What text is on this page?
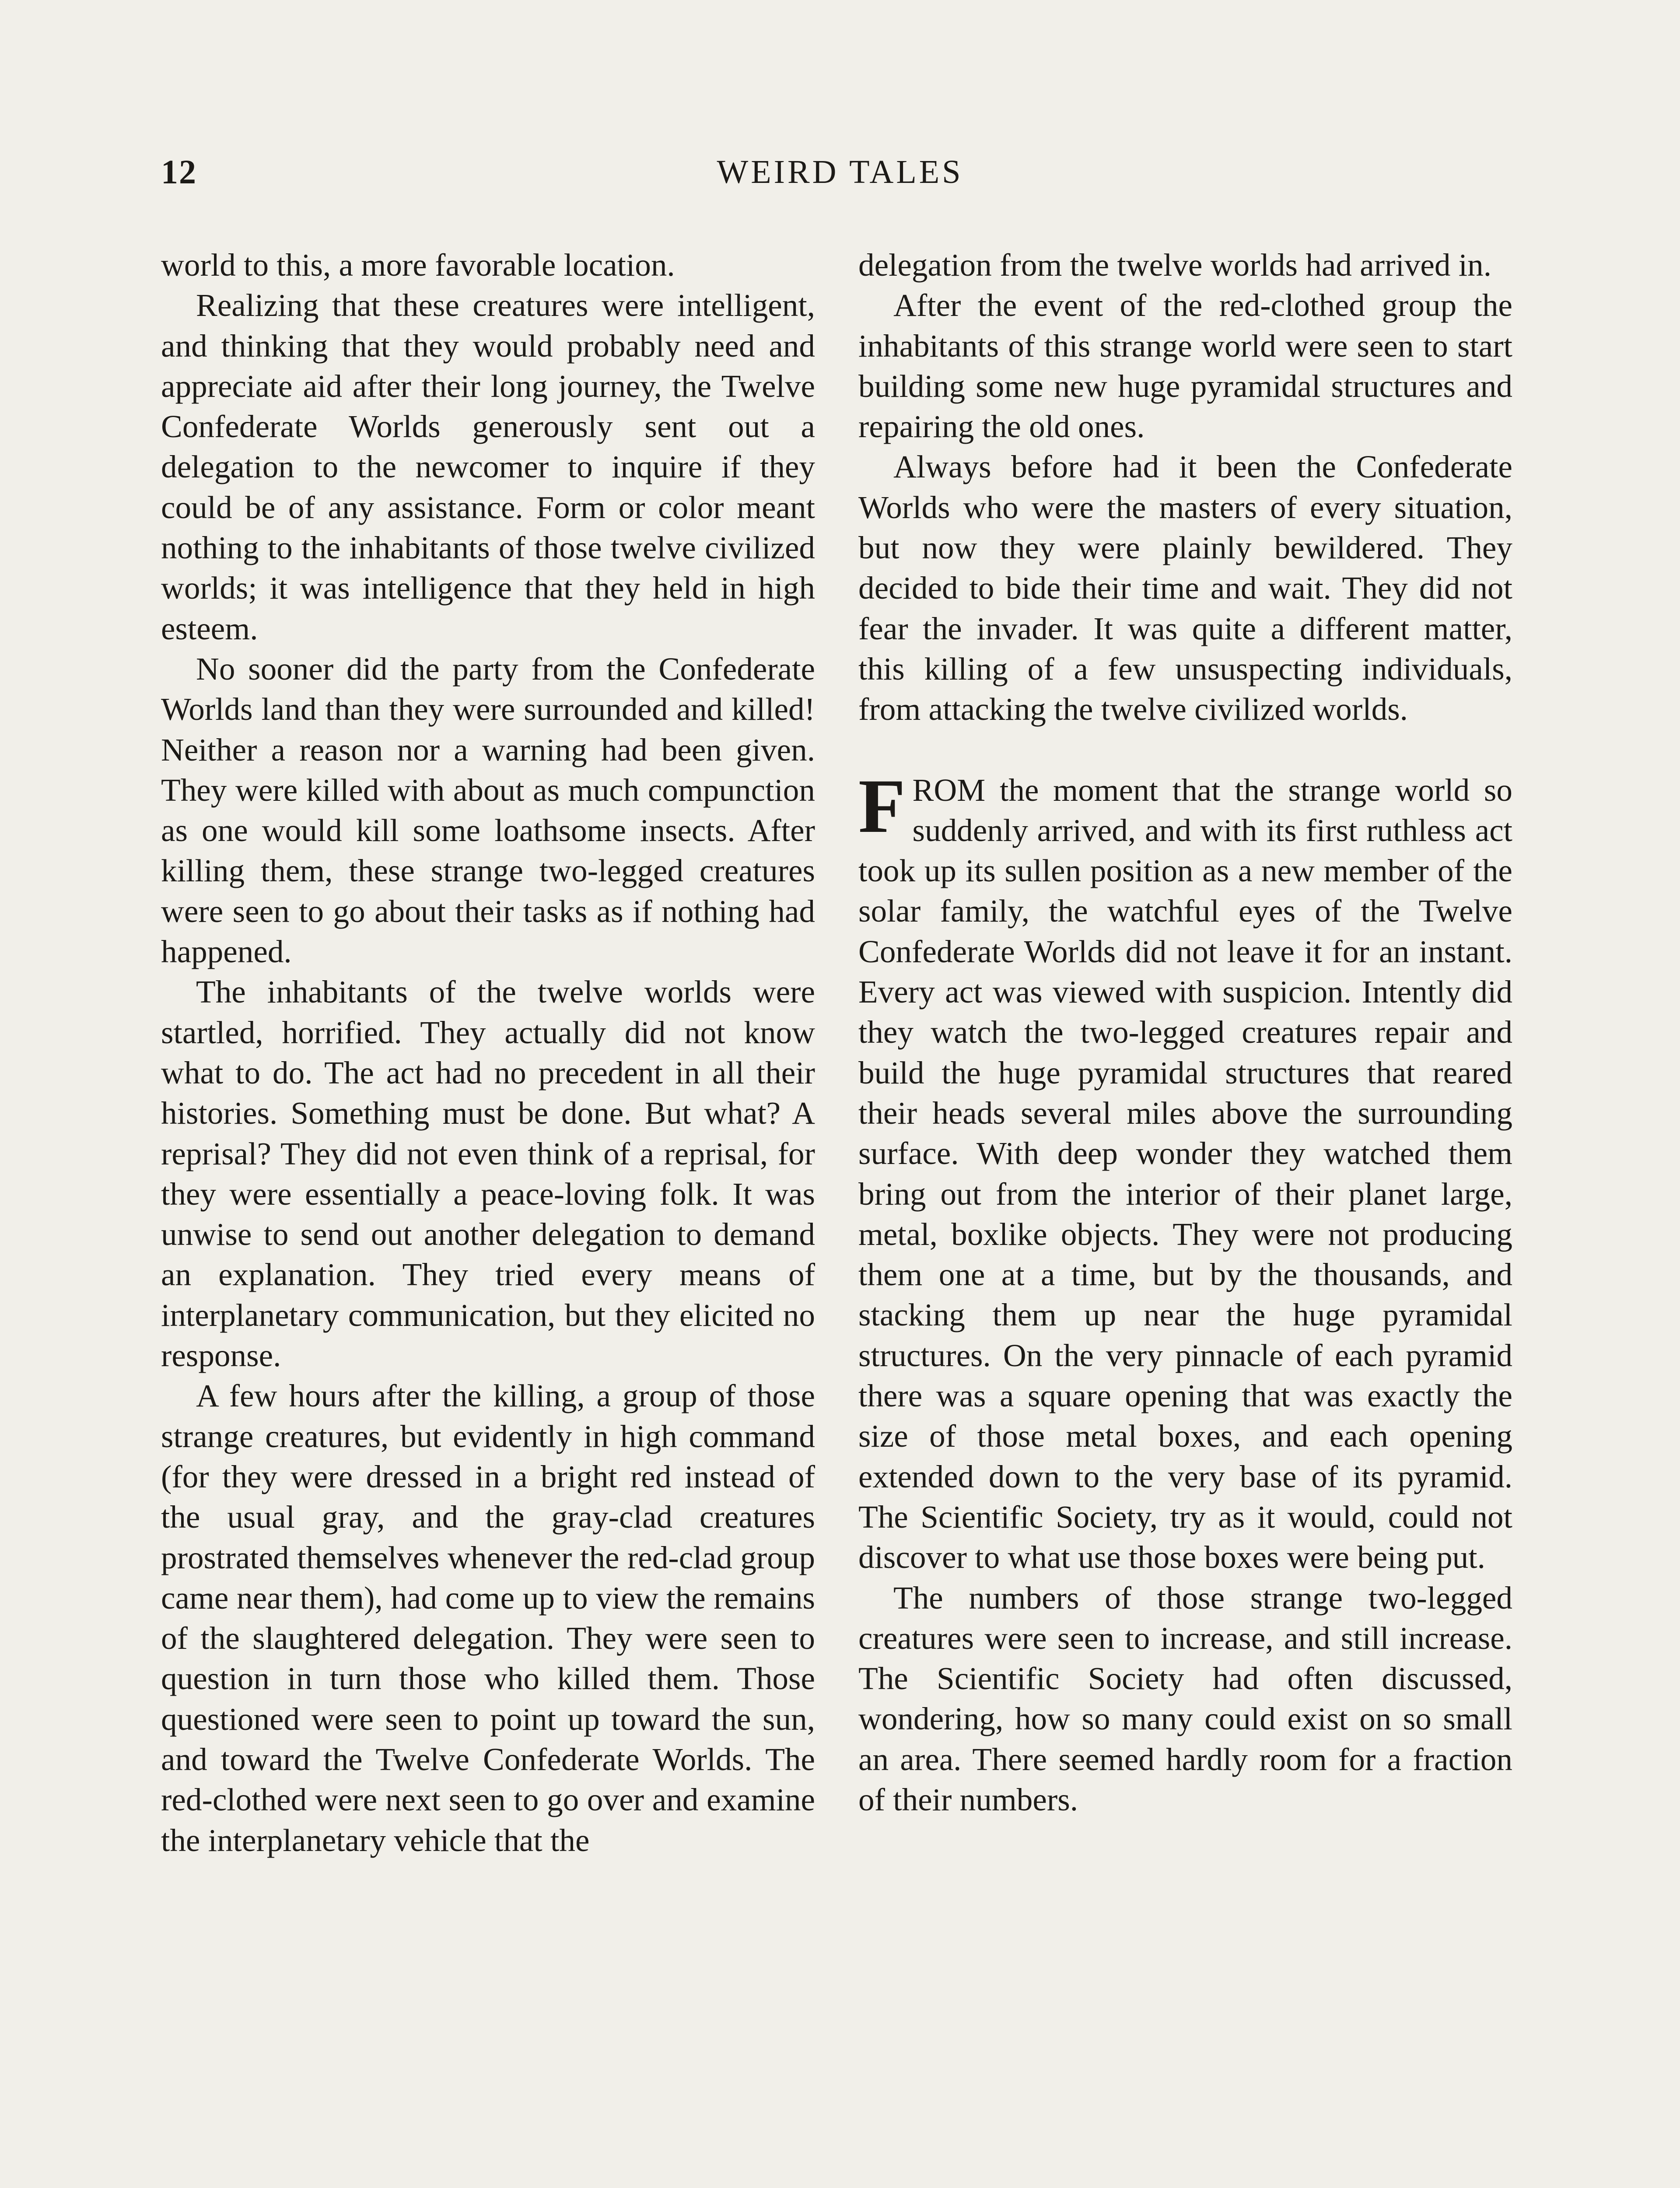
12	WEIRD TALES

world to this, a more favorable location.

Realizing that these creatures were intelligent, and thinking that they would probably need and appreciate aid after their long journey, the Twelve Confederate Worlds generously sent out a delegation to the newcomer to inquire if they could be of any assistance. Form or color meant nothing to the inhabitants of those twelve civilized worlds; it was intelligence that they held in high esteem.

No sooner did the party from the Confederate Worlds land than they were surrounded and killed! Neither a reason nor a warning had been given. They were killed with about as much compunction as one would kill some loathsome insects. After killing them, these strange two-legged creatures were seen to go about their tasks as if nothing had happened.

The inhabitants of the twelve worlds were startled, horrified. They actually did not know what to do. The act had no precedent in all their histories. Something must be done. But what? A reprisal? They did not even think of a reprisal, for they were essentially a peace-loving folk. It was unwise to send out another delegation to demand an explanation. They tried every means of interplanetary communication, but they elicited no response.

A few hours after the killing, a group of those strange creatures, but evidently in high command (for they were dressed in a bright red instead of the usual gray, and the gray-clad creatures prostrated themselves whenever the red-clad group came near them), had come up to view the remains of the slaughtered delegation. They were seen to question in turn those who killed them. Those questioned were seen to point up toward the sun, and toward the Twelve Confederate Worlds. The red-clothed were next seen to go over and examine the interplanetary vehicle that the

delegation from the twelve worlds had arrived in.

After the event of the red-clothed group the inhabitants of this strange world were seen to start building some new huge pyramidal structures and repairing the old ones.

Always before had it been the Confederate Worlds who were the masters of every situation, but now they were plainly bewildered. They decided to bide their time and wait. They did not fear the invader. It was quite a different matter, this killing of a few unsuspecting individuals, from attacking the twelve civilized worlds.

FROM the moment that the strange world so suddenly arrived, and with its first ruthless act took up its sullen position as a new member of the solar family, the watchful eyes of the Twelve Confederate Worlds did not leave it for an instant. Every act was viewed with suspicion. Intently did they watch the two-legged creatures repair and build the huge pyramidal structures that reared their heads several miles above the surrounding surface. With deep wonder they watched them bring out from the interior of their planet large, metal, boxlike objects. They were not producing them one at a time, but by the thousands, and stacking them up near the huge pyramidal structures. On the very pinnacle of each pyramid there was a square opening that was exactly the size of those metal boxes, and each opening extended down to the very base of its pyramid. The Scientific Society, try as it would, could not discover to what use those boxes were being put.

The numbers of those strange two-legged creatures were seen to increase, and still increase. The Scientific Society had often discussed, wondering, how so many could exist on so small an area. There seemed hardly room for a fraction of their numbers.
